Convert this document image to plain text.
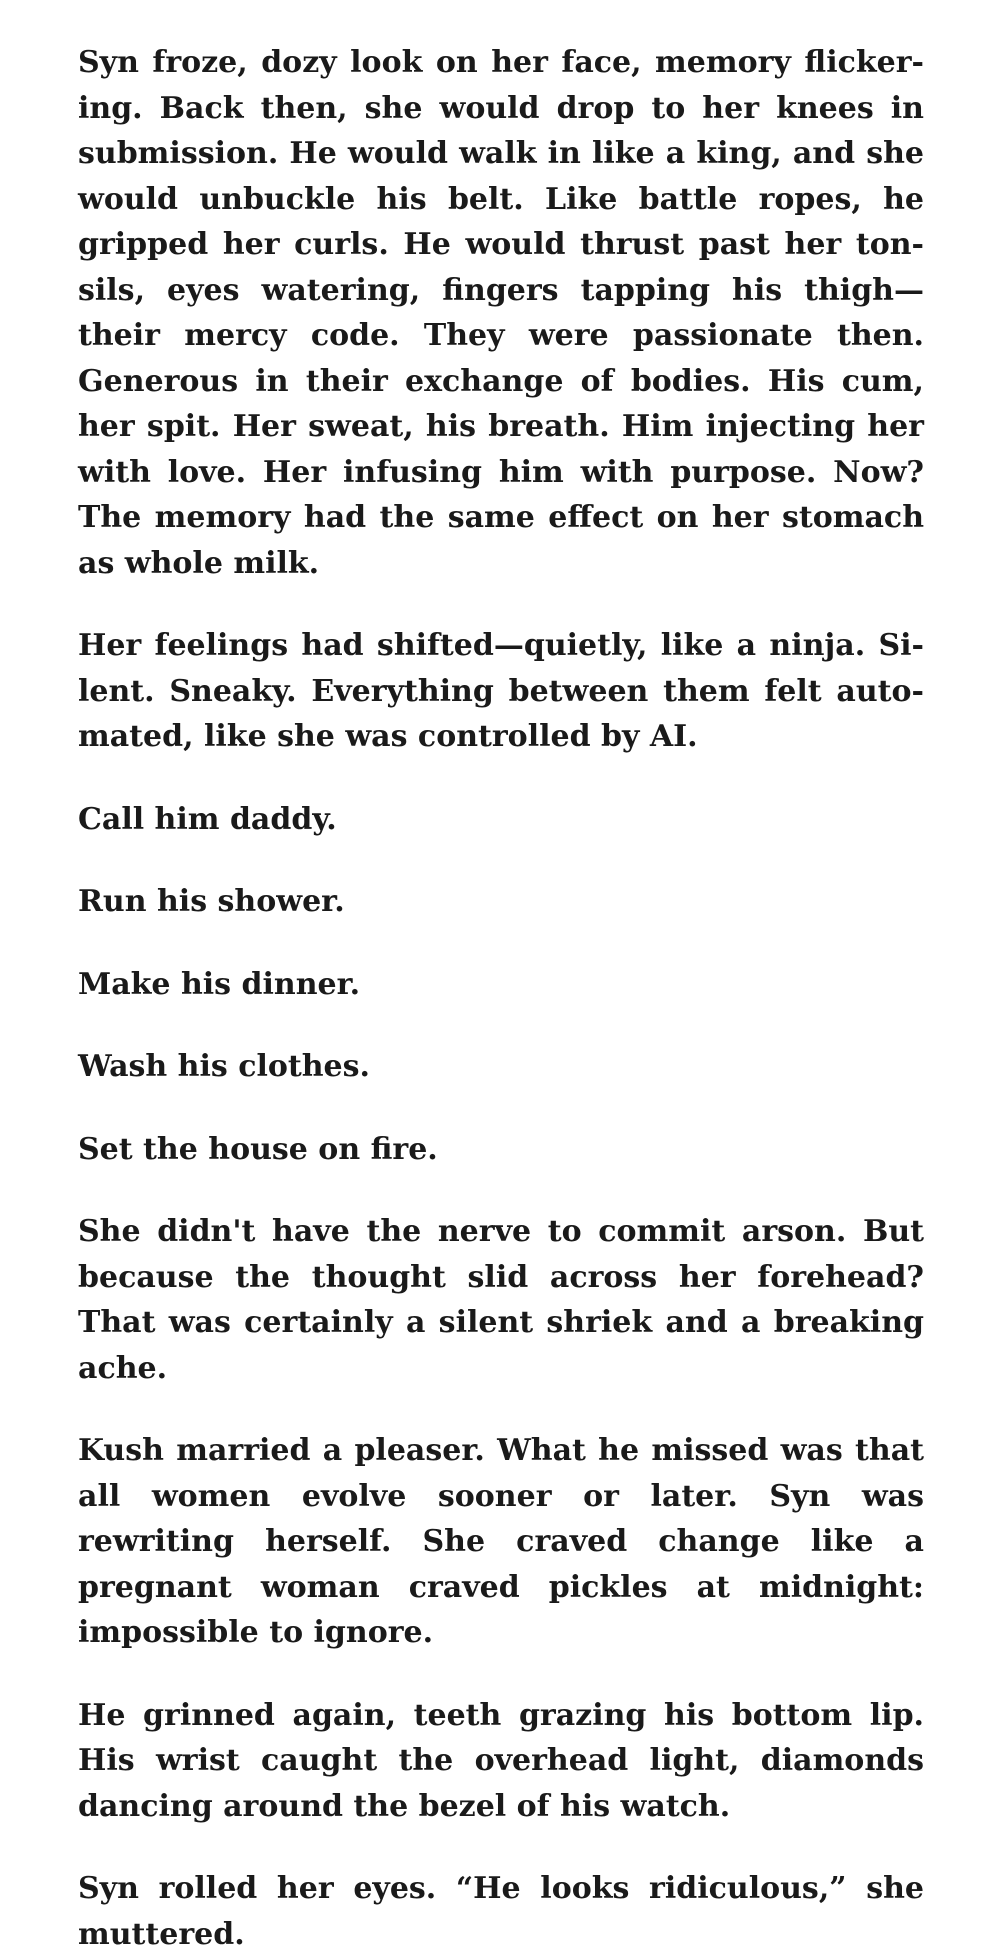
Syn froze, dozy look on her face, memory flickering. Back then, she would drop to her knees in submission. He would walk in like a king, and she would unbuckle his belt. Like battle ropes, he gripped her curls. He would thrust past her tonsils, eyes watering, fingers tapping his thigh—their mercy code. They were passionate then. Generous in their exchange of bodies. His cum, her spit. Her sweat, his breath. Him injecting her with love. Her infusing him with purpose. Now? The memory had the same effect on her stomach as whole milk.

Her feelings had shifted—quietly, like a ninja. Silent. Sneaky. Everything between them felt automated, like she was controlled by AI.

Call him daddy.

Run his shower.

Make his dinner.

Wash his clothes.

Set the house on fire.

She didn't have the nerve to commit arson. But because the thought slid across her forehead? That was certainly a silent shriek and a breaking ache.

Kush married a pleaser. What he missed was that all women evolve sooner or later. Syn was rewriting herself. She craved change like a pregnant woman craved pickles at midnight: impossible to ignore.

He grinned again, teeth grazing his bottom lip. His wrist caught the overhead light, diamonds dancing around the bezel of his watch.

Syn rolled her eyes. “He looks ridiculous,” she muttered.
